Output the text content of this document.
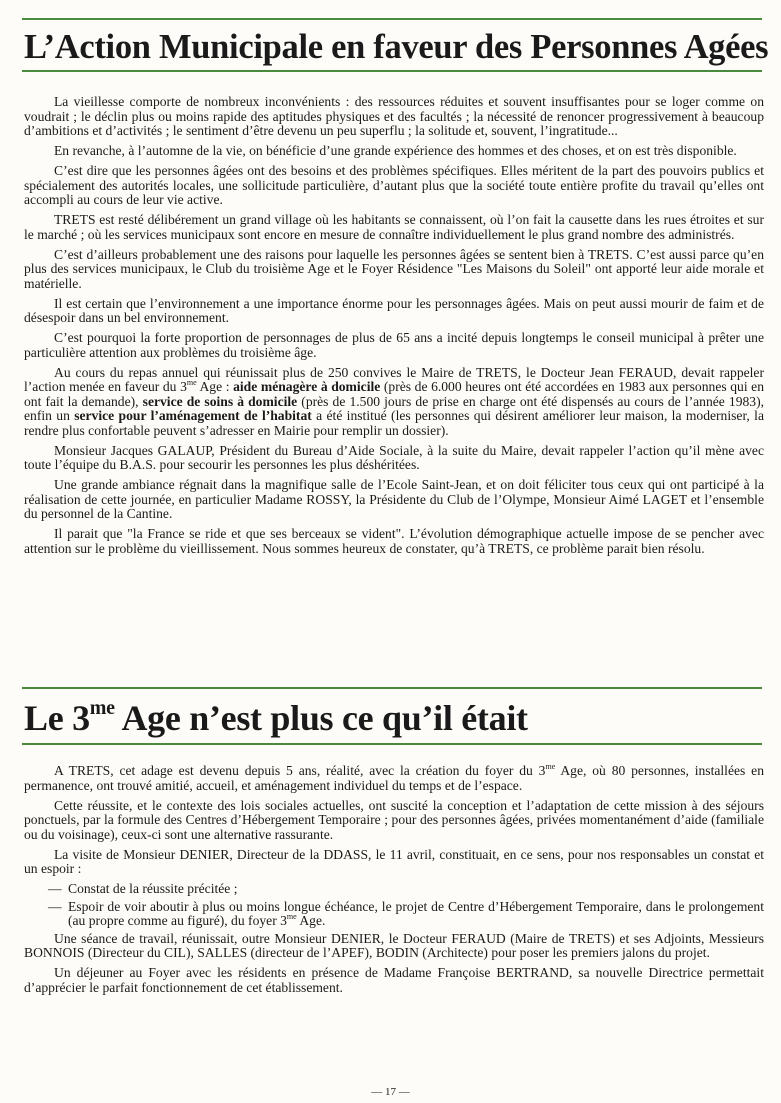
L’Action Municipale en faveur des Personnes Agées

La vieillesse comporte de nombreux inconvénients : des ressources réduites et souvent insuffisantes pour se loger comme on voudrait ; le déclin plus ou moins rapide des aptitudes physiques et des facultés ; la nécessité de renoncer progressivement à beaucoup d’ambitions et d’activités ; le sentiment d’être devenu un peu superflu ; la solitude et, souvent, l’ingratitude...

En revanche, à l’automne de la vie, on bénéficie d’une grande expérience des hommes et des choses, et on est très disponible.

C’est dire que les personnes âgées ont des besoins et des problèmes spécifiques. Elles méritent de la part des pouvoirs publics et spécialement des autorités locales, une sollicitude particulière, d’autant plus que la société toute entière profite du travail qu’elles ont accompli au cours de leur vie active.

TRETS est resté délibérement un grand village où les habitants se connaissent, où l’on fait la causette dans les rues étroites et sur le marché ; où les services municipaux sont encore en mesure de connaître individuellement le plus grand nombre des administrés.

C’est d’ailleurs probablement une des raisons pour laquelle les personnes âgées se sentent bien à TRETS. C’est aussi parce qu’en plus des services municipaux, le Club du troisième Age et le Foyer Résidence "Les Maisons du Soleil" ont apporté leur aide morale et matérielle.

Il est certain que l’environnement a une importance énorme pour les personnages âgées. Mais on peut aussi mourir de faim et de désespoir dans un bel environnement.

C’est pourquoi la forte proportion de personnages de plus de 65 ans a incité depuis longtemps le conseil municipal à prêter une particulière attention aux problèmes du troisième âge.

Au cours du repas annuel qui réunissait plus de 250 convives le Maire de TRETS, le Docteur Jean FERAUD, devait rappeler l’action menée en faveur du $3^{me}$ Age : aide ménagère à domicile (près de 6.000 heures ont été accordées en 1983 aux personnes qui en ont fait la demande), service de soins à domicile (près de 1.500 jours de prise en charge ont été dispensés au cours de l’année 1983), enfin un service pour l’aménagement de l’habitat a été institué (les personnes qui désirent améliorer leur maison, la moderniser, la rendre plus confortable peuvent s’adresser en Mairie pour remplir un dossier).

Monsieur Jacques GALAUP, Président du Bureau d’Aide Sociale, à la suite du Maire, devait rappeler l’action qu’il mène avec toute l’équipe du B.A.S. pour secourir les personnes les plus déshéritées.

Une grande ambiance régnait dans la magnifique salle de l’Ecole Saint-Jean, et on doit féliciter tous ceux qui ont participé à la réalisation de cette journée, en particulier Madame ROSSY, la Présidente du Club de l’Olympe, Monsieur Aimé LAGET et l’ensemble du personnel de la Cantine.

Il parait que "la France se ride et que ses berceaux se vident". L’évolution démographique actuelle impose de se pencher avec attention sur le problème du vieillissement. Nous sommes heureux de constater, qu’à TRETS, ce problème parait bien résolu.

Le $3^{me}$ Age n’est plus ce qu’il était

A TRETS, cet adage est devenu depuis 5 ans, réalité, avec la création du foyer du $3^{me}$ Age, où 80 personnes, installées en permanence, ont trouvé amitié, accueil, et aménagement individuel du temps et de l’espace.

Cette réussite, et le contexte des lois sociales actuelles, ont suscité la conception et l’adaptation de cette mission à des séjours ponctuels, par la formule des Centres d’Hébergement Temporaire ; pour des personnes âgées, privées momentanément d’aide (familiale ou du voisinage), ceux-ci sont une alternative rassurante.

La visite de Monsieur DENIER, Directeur de la DDASS, le 11 avril, constituait, en ce sens, pour nos responsables un constat et un espoir :

— Constat de la réussite précitée ;

— Espoir de voir aboutir à plus ou moins longue échéance, le projet de Centre d’Hébergement Temporaire, dans le prolongement (au propre comme au figuré), du foyer $3^{me}$ Age.

Une séance de travail, réunissait, outre Monsieur DENIER, le Docteur FERAUD (Maire de TRETS) et ses Adjoints, Messieurs BONNOIS (Directeur du CIL), SALLES (directeur de l’APEF), BODIN (Architecte) pour poser les premiers jalons du projet.

Un déjeuner au Foyer avec les résidents en présence de Madame Françoise BERTRAND, sa nouvelle Directrice permettait d’apprécier le parfait fonctionnement de cet établissement.

— 17 —
